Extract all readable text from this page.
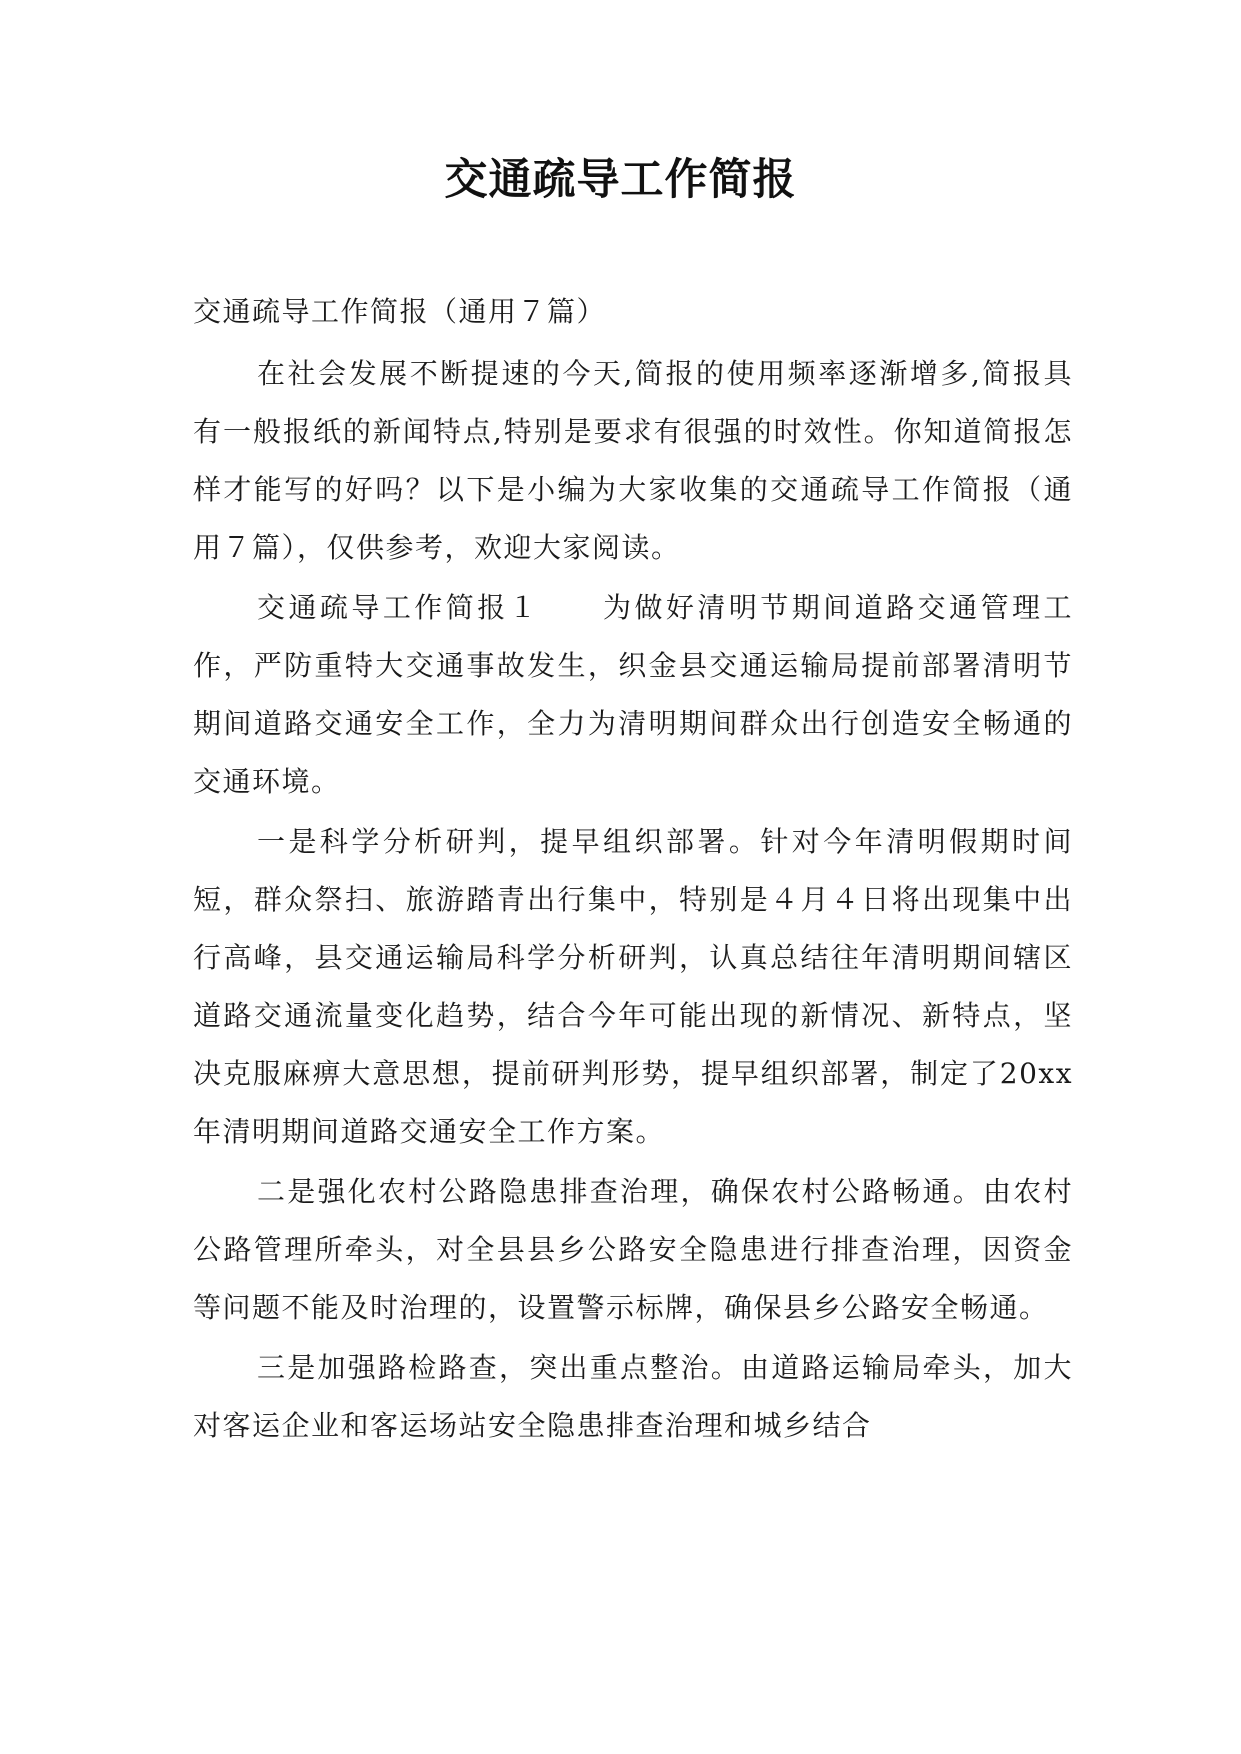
交通疏导工作简报

交通疏导工作简报（通用７篇）

在社会发展不断提速的今天,简报的使用频率逐渐增多,简报具有一般报纸的新闻特点,特别是要求有很强的时效性。你知道简报怎样才能写的好吗？以下是小编为大家收集的交通疏导工作简报（通用７篇），仅供参考，欢迎大家阅读。

交通疏导工作简报１　　为做好清明节期间道路交通管理工作，严防重特大交通事故发生，织金县交通运输局提前部署清明节期间道路交通安全工作，全力为清明期间群众出行创造安全畅通的交通环境。

一是科学分析研判，提早组织部署。针对今年清明假期时间短，群众祭扫、旅游踏青出行集中，特别是４月４日将出现集中出行高峰，县交通运输局科学分析研判，认真总结往年清明期间辖区道路交通流量变化趋势，结合今年可能出现的新情况、新特点，坚决克服麻痹大意思想，提前研判形势，提早组织部署，制定了20xx年清明期间道路交通安全工作方案。

二是强化农村公路隐患排查治理，确保农村公路畅通。由农村公路管理所牵头，对全县县乡公路安全隐患进行排查治理，因资金等问题不能及时治理的，设置警示标牌，确保县乡公路安全畅通。

三是加强路检路查，突出重点整治。由道路运输局牵头，加大对客运企业和客运场站安全隐患排查治理和城乡结合
